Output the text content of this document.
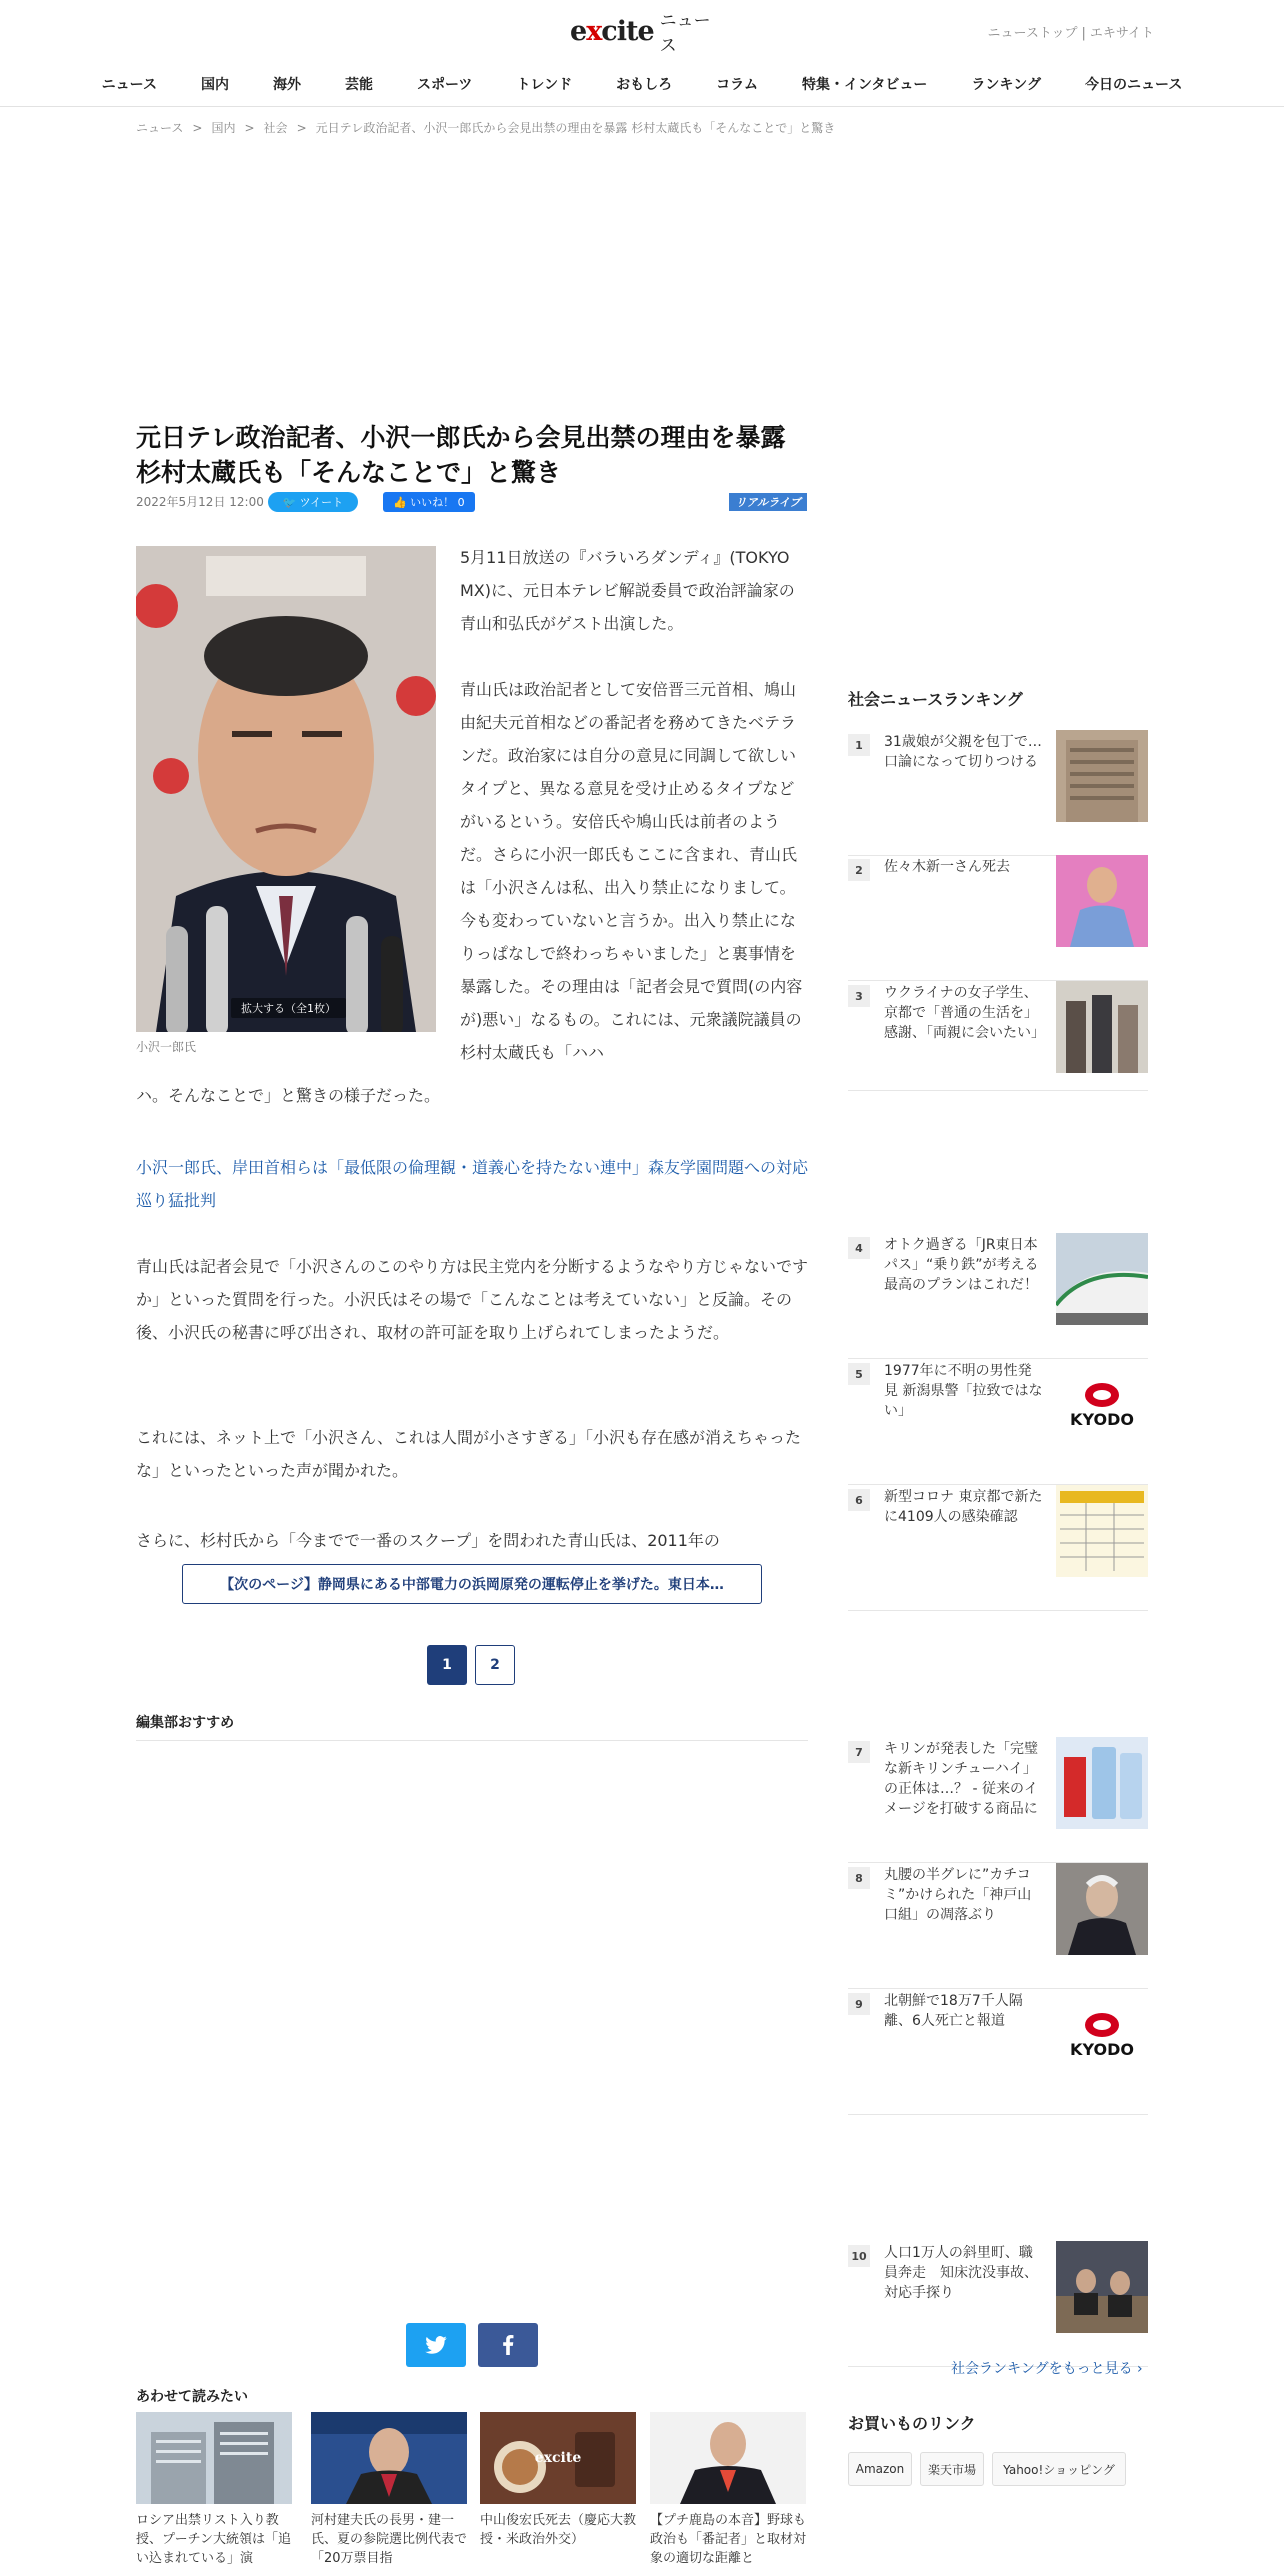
excite ニュース
ニューストップ | エキサイト
ニュース	国内	海外	芸能	スポーツ	トレンド	おもしろ	コラム	特集・インタビュー	ランキング	今日のニュース
ニュース > 国内 > 社会 > 元日テレ政治記者、小沢一郎氏から会見出禁の理由を暴露 杉村太蔵氏も「そんなことで」と驚き
元日テレ政治記者、小沢一郎氏から会見出禁の理由を暴露 杉村太蔵氏も「そんなことで」と驚き
2022年5月12日 12:00 🐦 ツイート	👍 いいね！ 0	リアルライブ
拡大する（全1枚）
小沢一郎氏

5月11日放送の『バラいろダンディ』(TOKYO MX)に、元日本テレビ解説委員で政治評論家の青山和弘氏がゲスト出演した。

青山氏は政治記者として安倍晋三元首相、鳩山由紀夫元首相などの番記者を務めてきたベテランだ。政治家には自分の意見に同調して欲しいタイプと、異なる意見を受け止めるタイプなどがいるという。安倍氏や鳩山氏は前者のようだ。さらに小沢一郎氏もここに含まれ、青山氏は「小沢さんは私、出入り禁止になりまして。今も変わっていないと言うか。出入り禁止になりっぱなしで終わっちゃいました」と裏事情を暴露した。その理由は「記者会見で質問(の内容が)悪い」なるもの。これには、元衆議院議員の杉村太蔵氏も「ハハ

ハ。そんなことで」と驚きの様子だった。

小沢一郎氏、岸田首相らは「最低限の倫理観・道義心を持たない連中」森友学園問題への対応巡り猛批判

青山氏は記者会見で「小沢さんのこのやり方は民主党内を分断するようなやり方じゃないですか」といった質問を行った。小沢氏はその場で「こんなことは考えていない」と反論。その後、小沢氏の秘書に呼び出され、取材の許可証を取り上げられてしまったようだ。

これには、ネット上で「小沢さん、これは人間が小さすぎる」「小沢も存在感が消えちゃったな」といったといった声が聞かれた。

さらに、杉村氏から「今までで一番のスクープ」を問われた青山氏は、2011年の

【次のページ】静岡県にある中部電力の浜岡原発の運転停止を挙げた。東日本…
1	2
編集部おすすめ
あわせて読みたい
ロシア出禁リスト入り教授、プーチン大統領は「追い込まれている」演
河村建夫氏の長男・建一氏、夏の参院選比例代表で「20万票目指
excite
中山俊宏氏死去（慶応大教授・米政治外交）
【プチ鹿島の本音】野球も政治も「番記者」と取材対象の適切な距離と
社会ニュースランキング
1	31歳娘が父親を包丁で…口論になって切りつける
2	佐々木新一さん死去
3	ウクライナの女子学生、京都で「普通の生活を」感謝、「両親に会いたい」
4	オトク過ぎる「JR東日本パス」“乗り鉄”が考える最高のプランはこれだ！
5	1977年に不明の男性発見 新潟県警「拉致ではない」	KYODO
6	新型コロナ 東京都で新たに4109人の感染確認
7	キリンが発表した「完璧な新キリンチューハイ」の正体は…？ - 従来のイメージを打破する商品に
8	丸腰の半グレに”カチコミ”かけられた「神戸山口組」の凋落ぶり
9	北朝鮮で18万7千人隔離、6人死亡と報道
KYODO
10 人口1万人の斜里町、職員奔走　知床沈没事故、対応手探り
社会ランキングをもっと見る ›
お買いものリンク
Amazon	楽天市場	Yahoo!ショッピング
